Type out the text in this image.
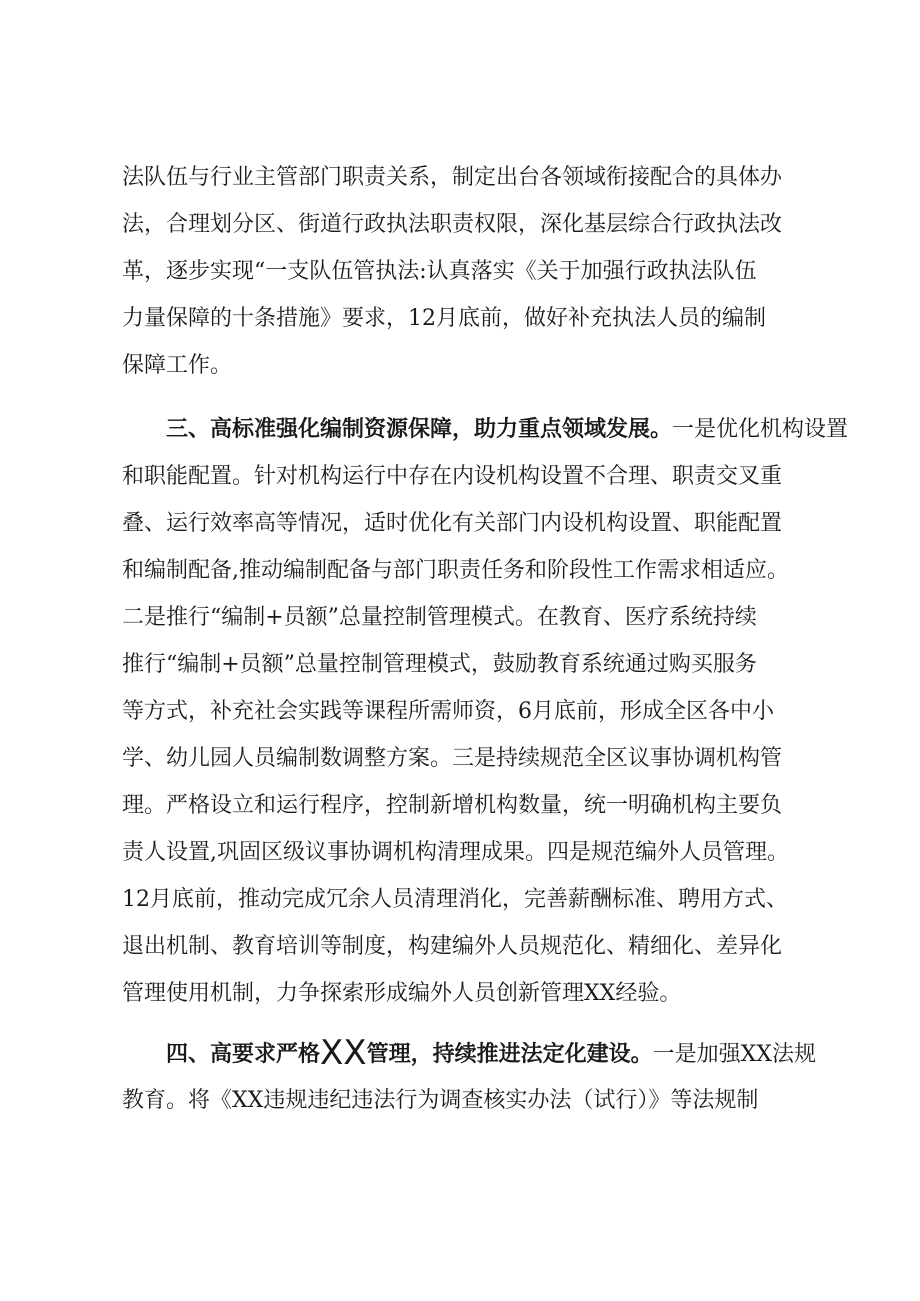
法队伍与行业主管部门职责关系，制定出台各领域衔接配合的具体办
法，合理划分区、街道行政执法职责权限，深化基层综合行政执法改
革，逐步实现“一支队伍管执法:认真落实《关于加强行政执法队伍
力量保障的十条措施》要求，12月底前，做好补充执法人员的编制
保障工作。
三、高标准强化编制资源保障，助力重点领域发展。一是优化机构设置
和职能配置。针对机构运行中存在内设机构设置不合理、职责交叉重
叠、运行效率高等情况，适时优化有关部门内设机构设置、职能配置
和编制配备,推动编制配备与部门职责任务和阶段性工作需求相适应。
二是推行“编制+员额”总量控制管理模式。在教育、医疗系统持续
推行“编制+员额”总量控制管理模式，鼓励教育系统通过购买服务
等方式，补充社会实践等课程所需师资，6月底前，形成全区各中小
学、幼儿园人员编制数调整方案。三是持续规范全区议事协调机构管
理。严格设立和运行程序，控制新增机构数量，统一明确机构主要负
责人设置,巩固区级议事协调机构清理成果。四是规范编外人员管理。
12月底前，推动完成冗余人员清理消化，完善薪酬标准、聘用方式、
退出机制、教育培训等制度，构建编外人员规范化、精细化、差异化
管理使用机制，力争探索形成编外人员创新管理XX经验。
四、高要求严格XX管理，持续推进法定化建设。一是加强XX法规
教育。将《XX违规违纪违法行为调查核实办法（试行）》等法规制
